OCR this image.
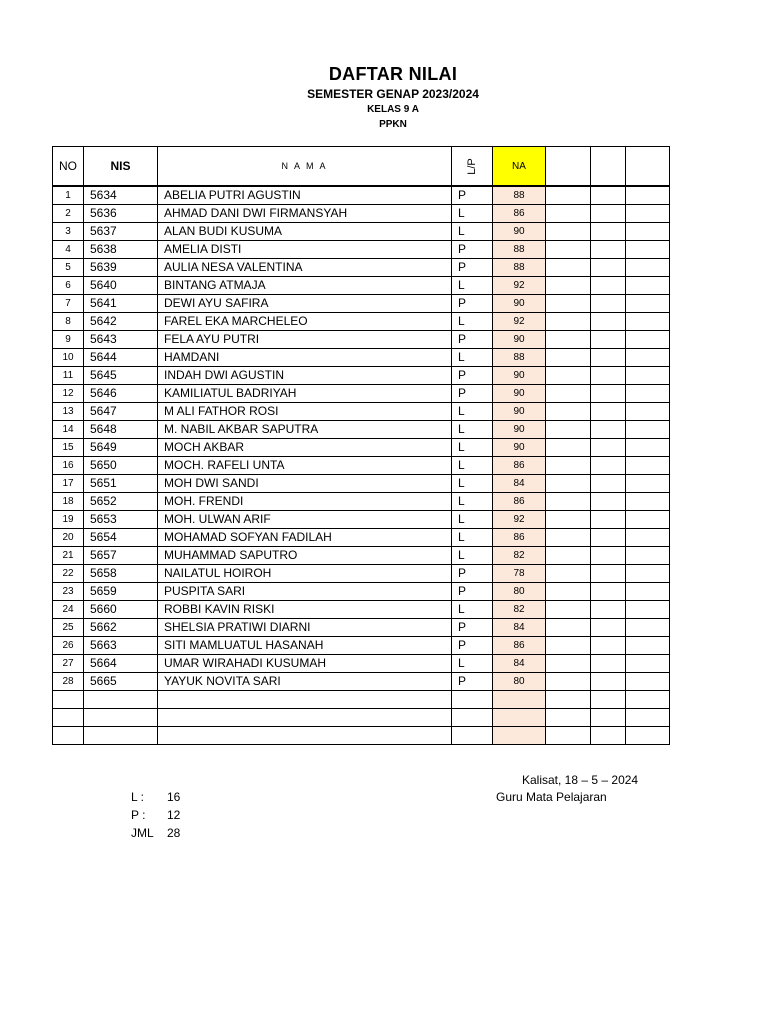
DAFTAR NILAI
SEMESTER GENAP 2023/2024
KELAS 9 A
PPKN
NO	NIS	N A M A	L/P	NA			
1	5634	ABELIA PUTRI AGUSTIN	P	88			
2	5636	AHMAD DANI DWI FIRMANSYAH	L	86			
3	5637	ALAN BUDI KUSUMA	L	90			
4	5638	AMELIA DISTI	P	88			
5	5639	AULIA NESA VALENTINA	P	88			
6	5640	BINTANG ATMAJA	L	92			
7	5641	DEWI AYU SAFIRA	P	90			
8	5642	FAREL EKA MARCHELEO	L	92			
9	5643	FELA AYU PUTRI	P	90			
10	5644	HAMDANI	L	88			
11	5645	INDAH DWI AGUSTIN	P	90			
12	5646	KAMILIATUL BADRIYAH	P	90			
13	5647	M ALI FATHOR ROSI	L	90			
14	5648	M. NABIL AKBAR SAPUTRA	L	90			
15	5649	MOCH AKBAR	L	90			
16	5650	MOCH. RAFELI UNTA	L	86			
17	5651	MOH DWI SANDI	L	84			
18	5652	MOH. FRENDI	L	86			
19	5653	MOH. ULWAN ARIF	L	92			
20	5654	MOHAMAD SOFYAN FADILAH	L	86			
21	5657	MUHAMMAD SAPUTRO	L	82			
22	5658	NAILATUL HOIROH	P	78			
23	5659	PUSPITA SARI	P	80			
24	5660	ROBBI KAVIN RISKI	L	82			
25	5662	SHELSIA PRATIWI DIARNI	P	84			
26	5663	SITI MAMLUATUL HASANAH	P	86			
27	5664	UMAR WIRAHADI KUSUMAH	L	84			
28	5665	YAYUK NOVITA SARI	P	80			

Kalisat, 18 – 5 – 2024
Guru Mata Pelajaran
L : 16
P : 12
JML 28
